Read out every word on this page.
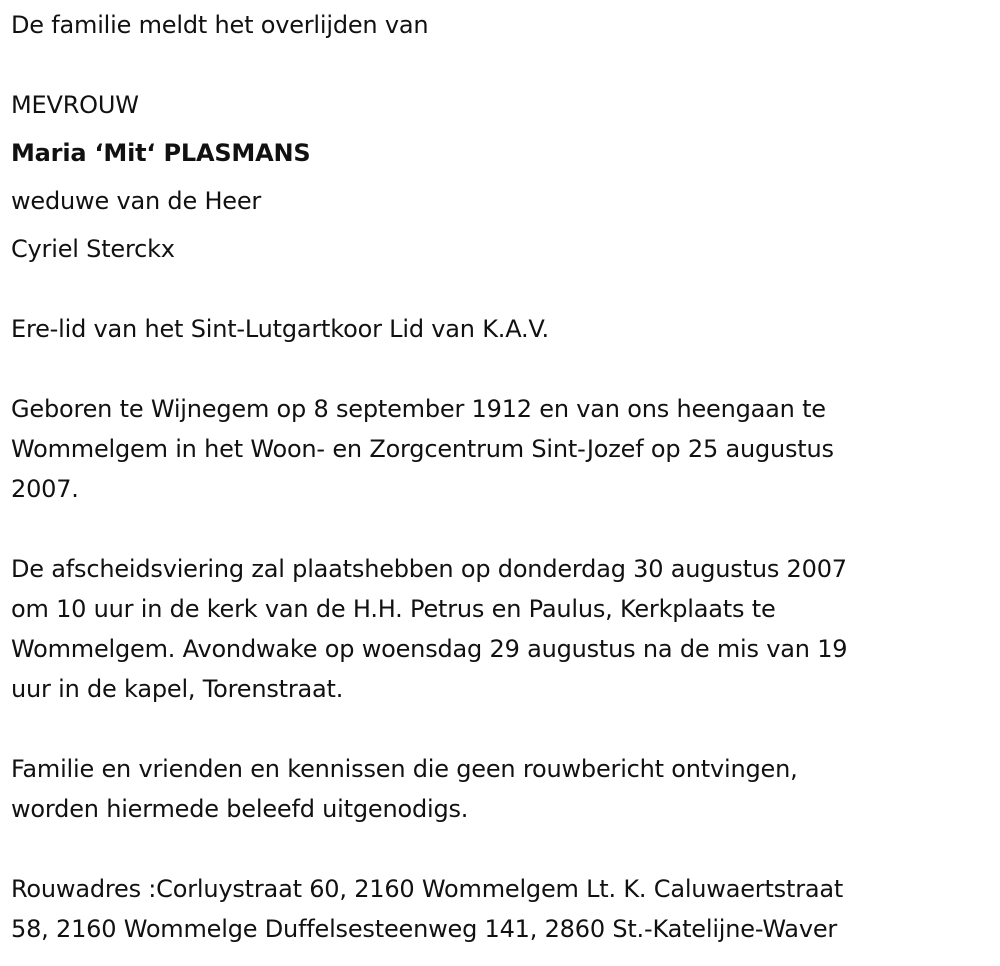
De familie meldt het overlijden van
MEVROUW
Maria ‘Mit‘ PLASMANS
weduwe van de Heer
Cyriel Sterckx
Ere-lid van het Sint-Lutgartkoor Lid van K.A.V.
Geboren te Wijnegem op 8 september 1912 en van ons heengaan te
Wommelgem in het Woon- en Zorgcentrum Sint-Jozef op 25 augustus
2007.
De afscheidsviering zal plaatshebben op donderdag 30 augustus 2007
om 10 uur in de kerk van de H.H. Petrus en Paulus, Kerkplaats te
Wommelgem. Avondwake op woensdag 29 augustus na de mis van 19
uur in de kapel, Torenstraat.
Familie en vrienden en kennissen die geen rouwbericht ontvingen,
worden hiermede beleefd uitgenodigs.
Rouwadres :Corluystraat 60, 2160 Wommelgem Lt. K. Caluwaertstraat
58, 2160 Wommelge Duffelsesteenweg 141, 2860 St.-Katelijne-Waver
